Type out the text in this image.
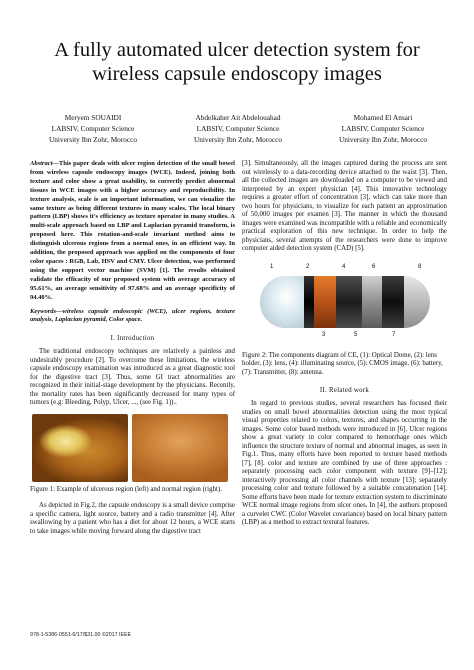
A fully automated ulcer detection system for wireless capsule endoscopy images
Meryem SOUAIDI
LABSIV, Computer Science
University Ibn Zohr, Morocco
Abdelkaher Ait Abdelouahad
LABSIV, Computer Science
University Ibn Zohr, Morocco
Mohamed El Ansari
LABSIV, Computer Science
University Ibn Zohr, Morocco

Abstract—This paper deals with ulcer region detection of the small bowel from wireless capsule endoscopy images (WCE). Indeed, joining both texture and color show a great usability, to correctly predict abnormal tissues in WCE images with a higher accuracy and reproducibility. In texture analysis, scale is an important information, we can visualize the same texture as being different textures in many scales. The local binary pattern (LBP) shows it's efficiency as texture operator in many studies. A multi-scale approach based on LBP and Laplacian pyramid transform, is proposed here. This rotation-and-scale invariant method aims to distinguish ulcerous regions from a normal ones, in an efficient way. In addition, the proposed approach was applied on the components of four color spaces : RGB, Lab, HSV and CMY. Ulcer detection, was performed using the support vector machine (SVM) [1]. The results obtained validate the efficacity of our proposed system with average accuracy of 95.61%, an average sensitivity of 97.68% and an average specificity of 94.40%.

Keywords—wireless capsule endoscopic (WCE), ulcer regions, texture analysis, Laplacian pyramid, Color space.

I. Introduction

The traditional endoscopy techniques are relatively a painless and undesirably procedure [2]. To overcome these limitations, the wireless capsule endoscopy examination was introduced as a great diagnostic tool for the digestive tract [3]. Thus, some GI tract abnormalities are recognized in their initial-stage development by the physicians. Recently, the mortality rates has been significantly decreased for many types of tumors (e.g: Bleeding, Polyp, Ulcer, ..., (see Fig. 1))..

Figure 1: Example of ulcerous region (left) and normal region (right).

As depicted in Fig.2, the capsule endoscopy is a small device comprise a specific camera, light source, battery and a radio transmitter [4]. After swallowing by a patient who has a diet for about 12 hours, a WCE starts to take images while moving forward along the digestive tract

[3]. Simultaneously, all the images captured during the process are sent out wirelessly to a data-recording device attached to the waist [3]. Then, all the collected images are downloaded on a computer to be viewed and interpreted by an expert physician [4]. This innovative technology requires a greater effort of concentration [3], which can take more than two hours for physicians, to visualize for each patient an approximation of 50,000 images per examen [3]. The manner in which the thousand images were examined was incompatible with a reliable and economically practical exploration of this new technique. In order to help the physicians, several attempts of the researchers were done to improve computer aided detection system (CAD) [5].

1	2
3
4
5
6
7
8

Figure 2: The components diagram of CE, (1): Optical Dome, (2): lens holder, (3): lens, (4): illuminating source, (5): CMOS image, (6): battery, (7): Transmitter, (8): antenna.

II. Related work

In regard to previous studies, several researchers has focused their studies on small bowel abnormalities detection using the most typical visual properties related to colors, textures, and shapes occurring in the images. Some color based methods were introduced in [6]. Ulcer regions show a great variety in color compared to hemorrhage ones which influence the structure texture of normal and abnormal images, as seen in Fig.1. Thus, many efforts have been reported to texture based methods [7], [8]. color and texture are combined by use of three approaches : separately processing each color component with texture [9]–[12]; interactively processing all color channels with texture [13]; separately processing color and texture followed by a suitable concatenation [14]. Some efforts have been made for texture extraction system to discriminate WCE normal image regions from ulcer ones. In [4], the authors proposed a curvelet CWC (Color Wavelet covariance) based on local binary pattern (LBP) as a method to extract textural features.

978-1-5386-0551-6/17/$31.00 ©2017 IEEE
